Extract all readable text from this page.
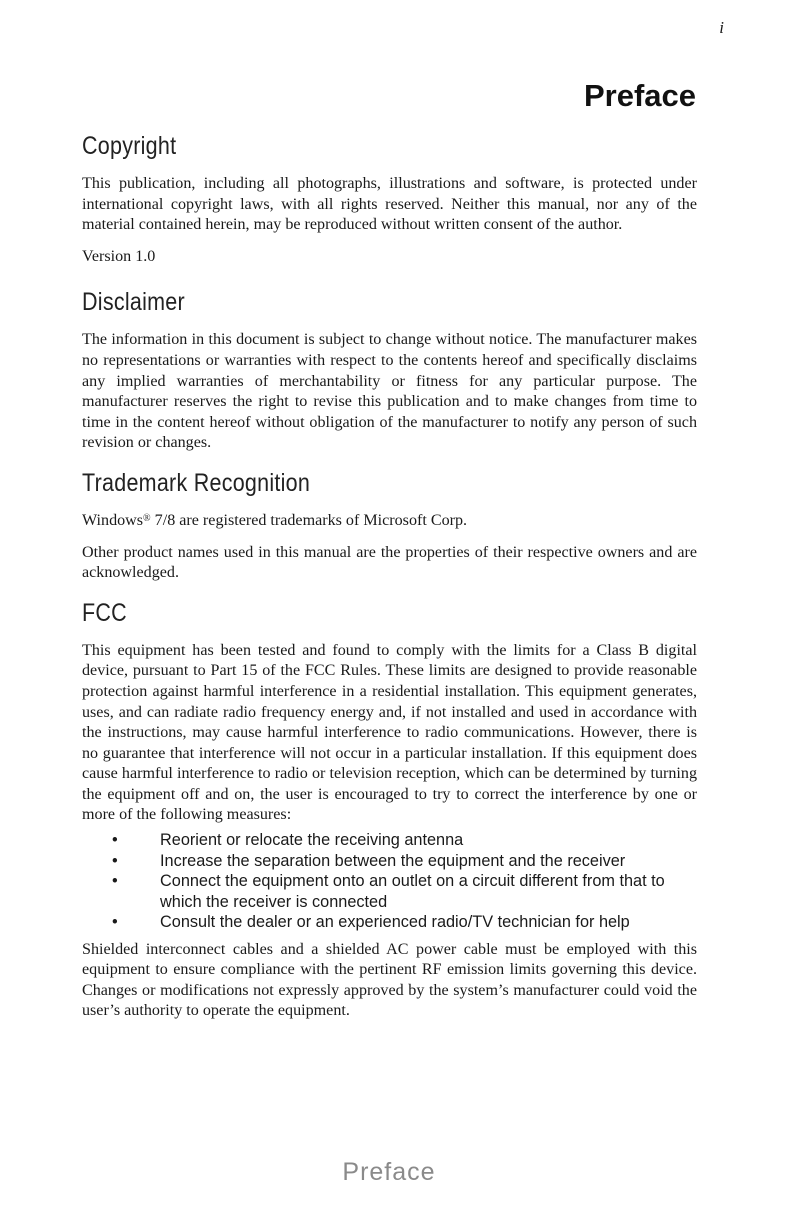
i
Preface
Copyright

This publication, including all photographs, illustrations and software, is protected under international copyright laws, with all rights reserved. Neither this manual, nor any of the material contained herein, may be reproduced without written consent of the author.

Version 1.0

Disclaimer

The information in this document is subject to change without notice. The manufacturer makes no representations or warranties with respect to the contents hereof and specifically disclaims any implied warranties of merchantability or fitness for any particular purpose. The manufacturer reserves the right to revise this publication and to make changes from time to time in the content hereof without obligation of the manufacturer to notify any person of such revision or changes.

Trademark Recognition

Windows® 7/8 are registered trademarks of Microsoft Corp.

Other product names used in this manual are the properties of their respective owners and are acknowledged.

FCC

This equipment has been tested and found to comply with the limits for a Class B digital device, pursuant to Part 15 of the FCC Rules. These limits are designed to provide reasonable protection against harmful interference in a residential installation. This equipment generates, uses, and can radiate radio frequency energy and, if not installed and used in accordance with the instructions, may cause harmful interference to radio communications. However, there is no guarantee that interference will not occur in a particular installation. If this equipment does cause harmful interference to radio or television reception, which can be determined by turning the equipment off and on, the user is encouraged to try to correct the interference by one or more of the following measures:

•	Reorient or relocate the receiving antenna
•	Increase the separation between the equipment and the receiver
•	Connect the equipment onto an outlet on a circuit different from that to which the receiver is connected
•	Consult the dealer or an experienced radio/TV technician for help

Shielded interconnect cables and a shielded AC power cable must be employed with this equipment to ensure compliance with the pertinent RF emission limits governing this device. Changes or modifications not expressly approved by the system’s manufacturer could void the user’s authority to operate the equipment.

Preface
